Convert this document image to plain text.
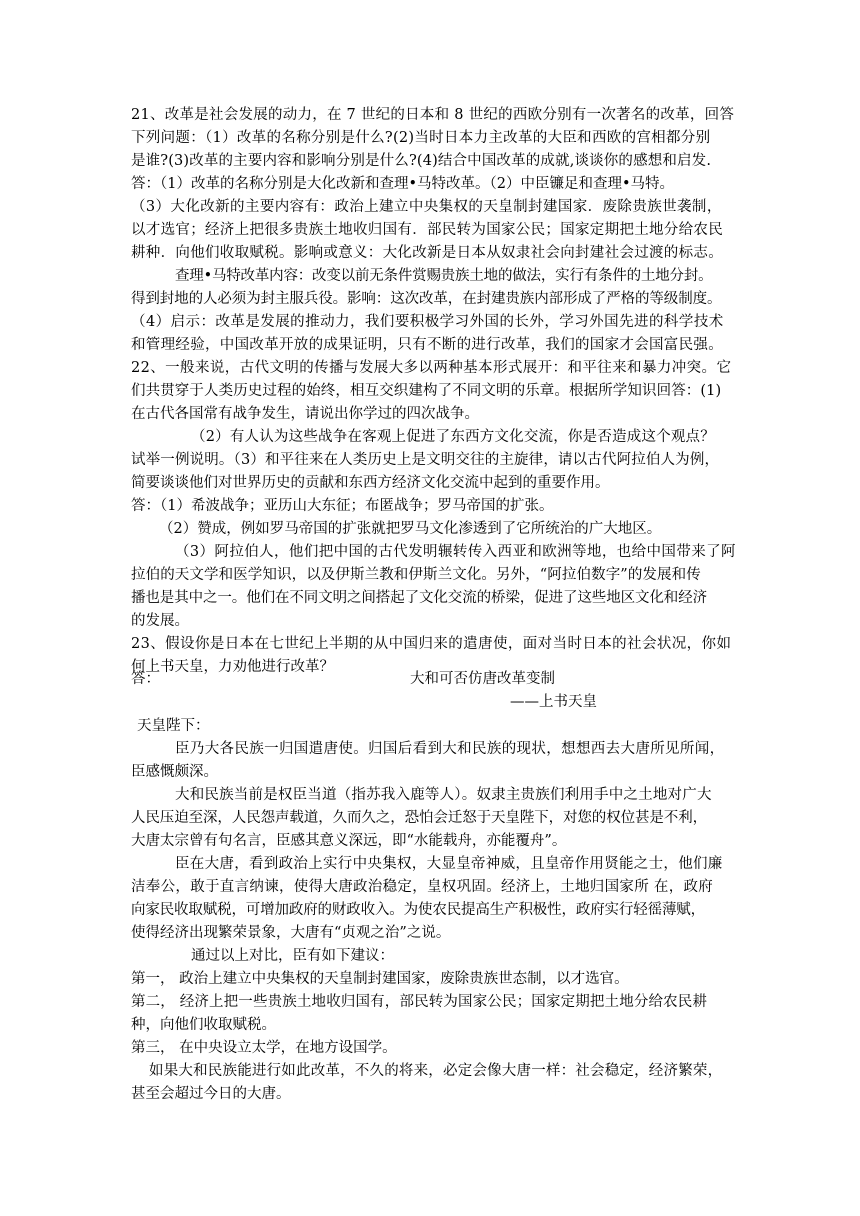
21、改革是社会发展的动力，在 7 世纪的日本和 8 世纪的西欧分别有一次著名的改革，回答
下列问题：（1）改革的名称分别是什么?(2)当时日本力主改革的大臣和西欧的宫相都分别
是谁?(3)改革的主要内容和影响分别是什么?(4)结合中国改革的成就,谈谈你的感想和启发.
答：（1）改革的名称分别是大化改新和查理•马特改革。（2）中臣镰足和查理•马特。
（3）大化改新的主要内容有：政治上建立中央集权的天皇制封建国家．废除贵族世袭制，
以才选官；经济上把很多贵族土地收归国有．部民转为国家公民；国家定期把土地分给农民
耕种．向他们收取赋税。影响或意义：大化改新是日本从奴隶社会向封建社会过渡的标志。
查理•马特改革内容：改变以前无条件赏赐贵族土地的做法，实行有条件的土地分封。
得到封地的人必须为封主服兵役。影响：这次改革，在封建贵族内部形成了严格的等级制度。
（4）启示：改革是发展的推动力，我们要积极学习外国的长外，学习外国先进的科学技术
和管理经验，中国改革开放的成果证明，只有不断的进行改革，我们的国家才会国富民强。
22、一般来说，古代文明的传播与发展大多以两种基本形式展开：和平往来和暴力冲突。它
们共贯穿于人类历史过程的始终，相互交织建构了不同文明的乐章。根据所学知识回答：(1)
在古代各国常有战争发生，请说出你学过的四次战争。
（2）有人认为这些战争在客观上促进了东西方文化交流，你是否造成这个观点？
试举一例说明。（3）和平往来在人类历史上是文明交往的主旋律，请以古代阿拉伯人为例，
简要谈谈他们对世界历史的贡献和东西方经济文化交流中起到的重要作用。
答：（1）希波战争；亚历山大东征；布匿战争；罗马帝国的扩张。
（2）赞成，例如罗马帝国的扩张就把罗马文化渗透到了它所统治的广大地区。
（3）阿拉伯人，他们把中国的古代发明辗转传入西亚和欧洲等地，也给中国带来了阿
拉伯的天文学和医学知识，以及伊斯兰教和伊斯兰文化。另外，“阿拉伯数字”的发展和传
播也是其中之一。他们在不同文明之间搭起了文化交流的桥梁，促进了这些地区文化和经济
的发展。
23、假设你是日本在七世纪上半期的从中国归来的遣唐使，面对当时日本的社会状况，你如
何上书天皇，力劝他进行改革？
答：	大和可否仿唐改革变制
——上书天皇
天皇陛下：
臣乃大各民族一归国遣唐使。归国后看到大和民族的现状，想想西去大唐所见所闻，
臣感慨颇深。
大和民族当前是权臣当道（指苏我入鹿等人）。奴隶主贵族们利用手中之土地对广大
人民压迫至深，人民怨声载道，久而久之，恐怕会迁怒于天皇陛下，对您的权位甚是不利，
大唐太宗曾有句名言，臣感其意义深远，即“水能载舟，亦能覆舟”。
臣在大唐，看到政治上实行中央集权，大显皇帝神威，且皇帝作用贤能之士，他们廉
洁奉公，敢于直言纳谏，使得大唐政治稳定，皇权巩固。经济上，土地归国家所 在，政府
向家民收取赋税，可增加政府的财政收入。为使农民提高生产积极性，政府实行轻徭薄赋，
使得经济出现繁荣景象，大唐有“贞观之治”之说。
通过以上对比，臣有如下建议：
第一， 政治上建立中央集权的天皇制封建国家，废除贵族世态制，以才选官。
第二， 经济上把一些贵族土地收归国有，部民转为国家公民；国家定期把土地分给农民耕
种，向他们收取赋税。
第三， 在中央设立太学，在地方设国学。
如果大和民族能进行如此改革，不久的将来，必定会像大唐一样：社会稳定，经济繁荣，
甚至会超过今日的大唐。
